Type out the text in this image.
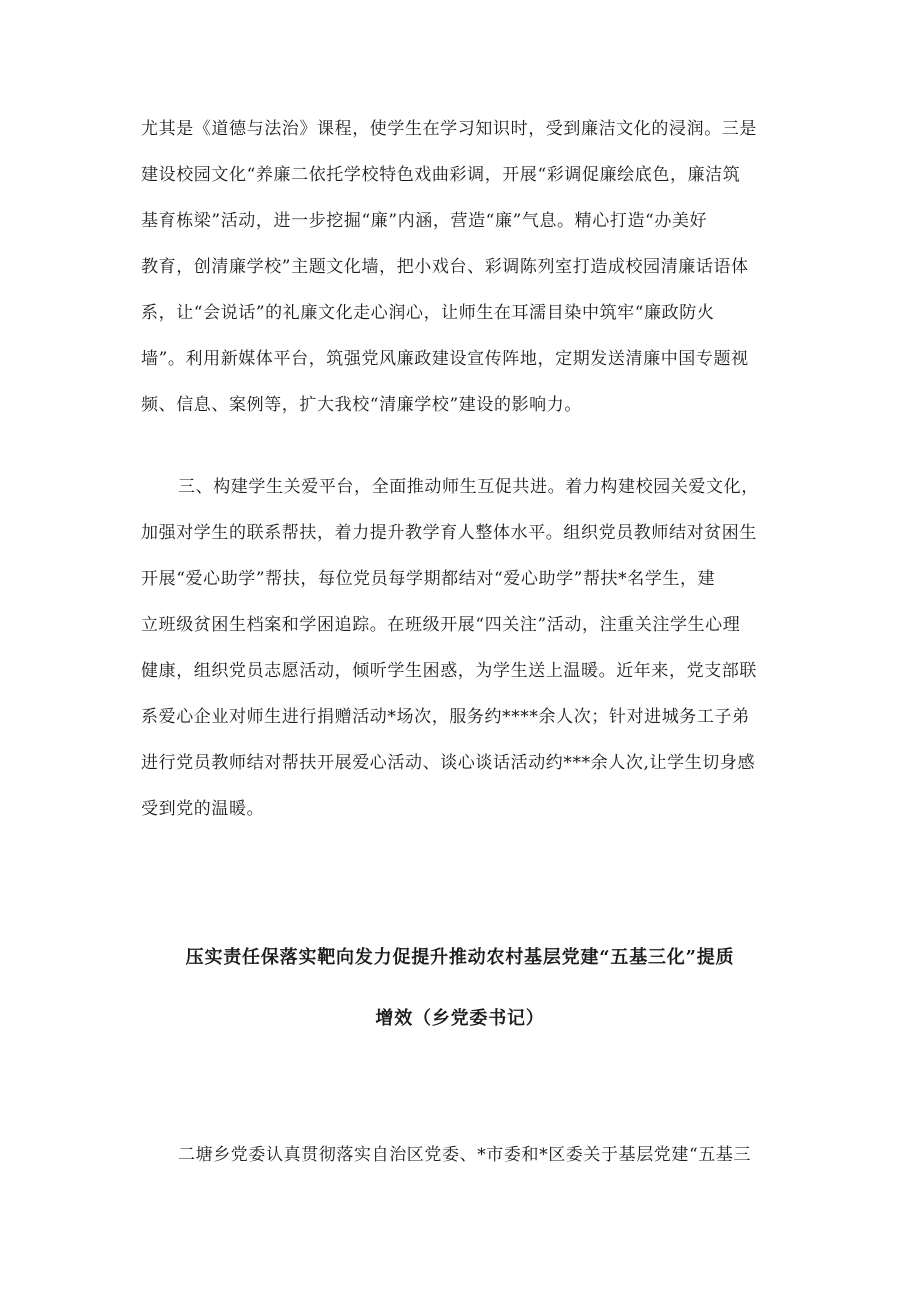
尤其是《道德与法治》课程，使学生在学习知识时，受到廉洁文化的浸润。三是
建设校园文化“养廉二依托学校特色戏曲彩调，开展“彩调促廉绘底色，廉洁筑
基育栋梁”活动，进一步挖掘“廉”内涵，营造“廉”气息。精心打造“办美好
教育，创清廉学校”主题文化墙，把小戏台、彩调陈列室打造成校园清廉话语体
系，让“会说话”的礼廉文化走心润心，让师生在耳濡目染中筑牢“廉政防火
墙”。利用新媒体平台，筑强党风廉政建设宣传阵地，定期发送清廉中国专题视
频、信息、案例等，扩大我校“清廉学校”建设的影响力。
三、构建学生关爱平台，全面推动师生互促共进。着力构建校园关爱文化，
加强对学生的联系帮扶，着力提升教学育人整体水平。组织党员教师结对贫困生
开展“爱心助学”帮扶，每位党员每学期都结对“爱心助学”帮扶*名学生，建
立班级贫困生档案和学困追踪。在班级开展“四关注”活动，注重关注学生心理
健康，组织党员志愿活动，倾听学生困惑，为学生送上温暖。近年来，党支部联
系爱心企业对师生进行捐赠活动*场次，服务约****余人次；针对进城务工子弟
进行党员教师结对帮扶开展爱心活动、谈心谈话活动约***余人次,让学生切身感
受到党的温暖。
压实责任保落实靶向发力促提升推动农村基层党建“五基三化”提质
增效（乡党委书记）
二塘乡党委认真贯彻落实自治区党委、*市委和*区委关于基层党建“五基三
